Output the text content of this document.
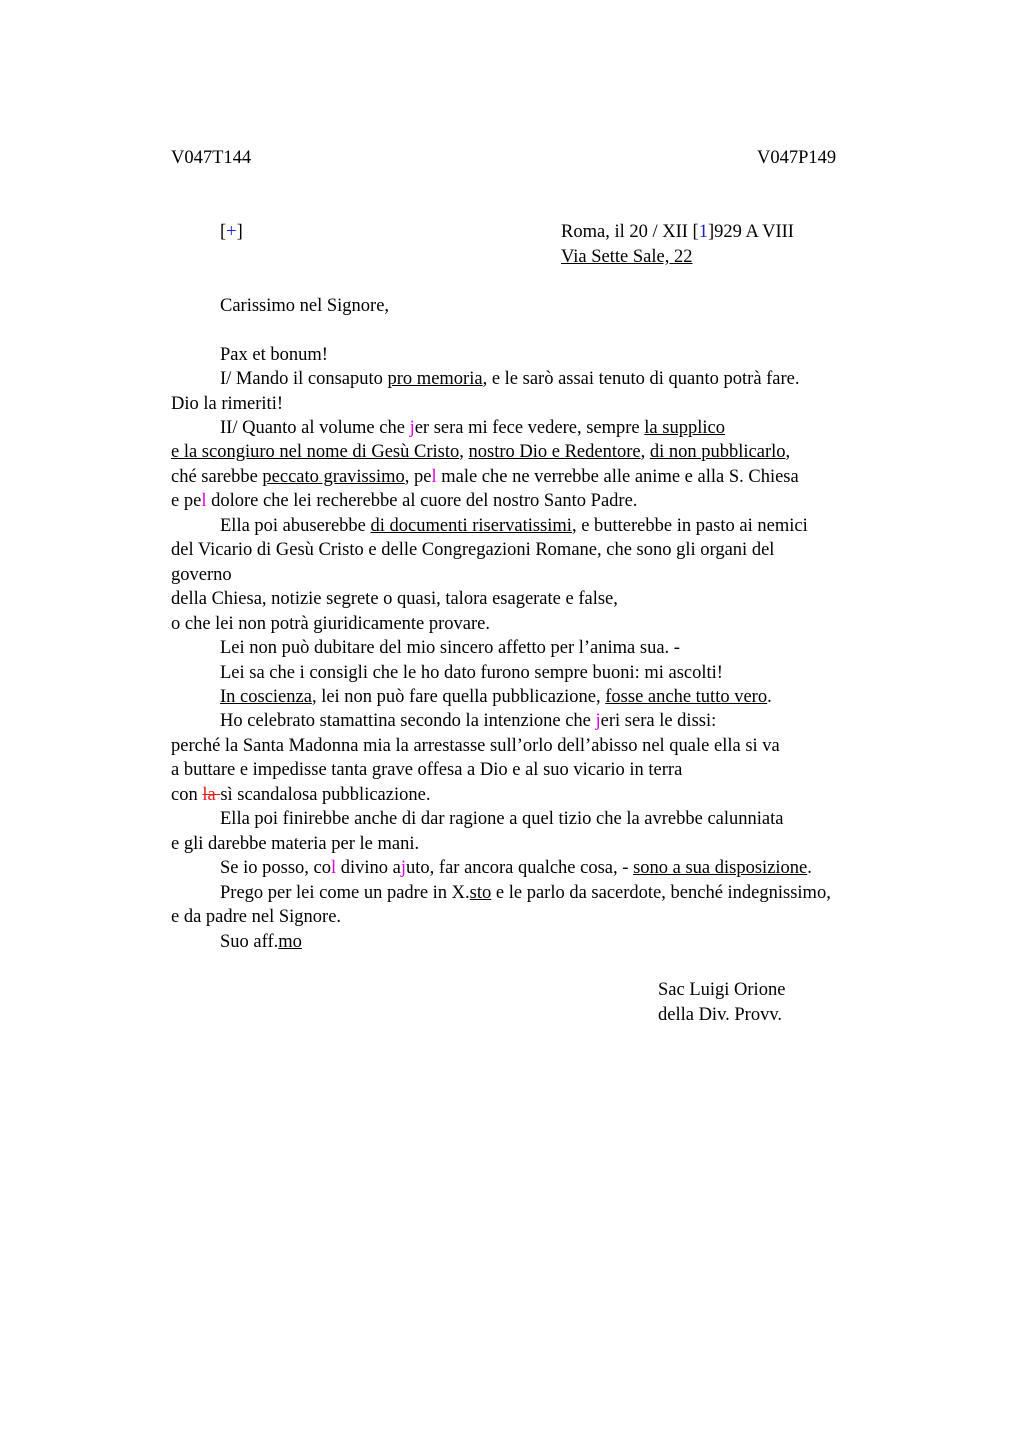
V047T144	V047P149
[+]	Roma, il 20 / XII [1]929 A VIII
Via Sette Sale, 22
Carissimo nel Signore,
Pax et bonum!
I/ Mando il consaputo pro memoria, e le sarò assai tenuto di quanto potrà fare.
Dio la rimeriti!
II/ Quanto al volume che jer sera mi fece vedere, sempre la supplico
e la scongiuro nel nome di Gesù Cristo, nostro Dio e Redentore, di non pubblicarlo,
ché sarebbe peccato gravissimo, pel male che ne verrebbe alle anime e alla S. Chiesa
e pel dolore che lei recherebbe al cuore del nostro Santo Padre.
Ella poi abuserebbe di documenti riservatissimi, e butterebbe in pasto ai nemici
del Vicario di Gesù Cristo e delle Congregazioni Romane, che sono gli organi del
governo
della Chiesa, notizie segrete o quasi, talora esagerate e false,
o che lei non potrà giuridicamente provare.
Lei non può dubitare del mio sincero affetto per l’anima sua. -
Lei sa che i consigli che le ho dato furono sempre buoni: mi ascolti!
In coscienza, lei non può fare quella pubblicazione, fosse anche tutto vero.
Ho celebrato stamattina secondo la intenzione che jeri sera le dissi:
perché la Santa Madonna mia la arrestasse sull’orlo dell’abisso nel quale ella si va
a buttare e impedisse tanta grave offesa a Dio e al suo vicario in terra
con la sì scandalosa pubblicazione.
Ella poi finirebbe anche di dar ragione a quel tizio che la avrebbe calunniata
e gli darebbe materia per le mani.
Se io posso, col divino ajuto, far ancora qualche cosa, - sono a sua disposizione.
Prego per lei come un padre in X.sto e le parlo da sacerdote, benché indegnissimo,
e da padre nel Signore.
Suo aff.mo
Sac Luigi Orione
della Div. Provv.
